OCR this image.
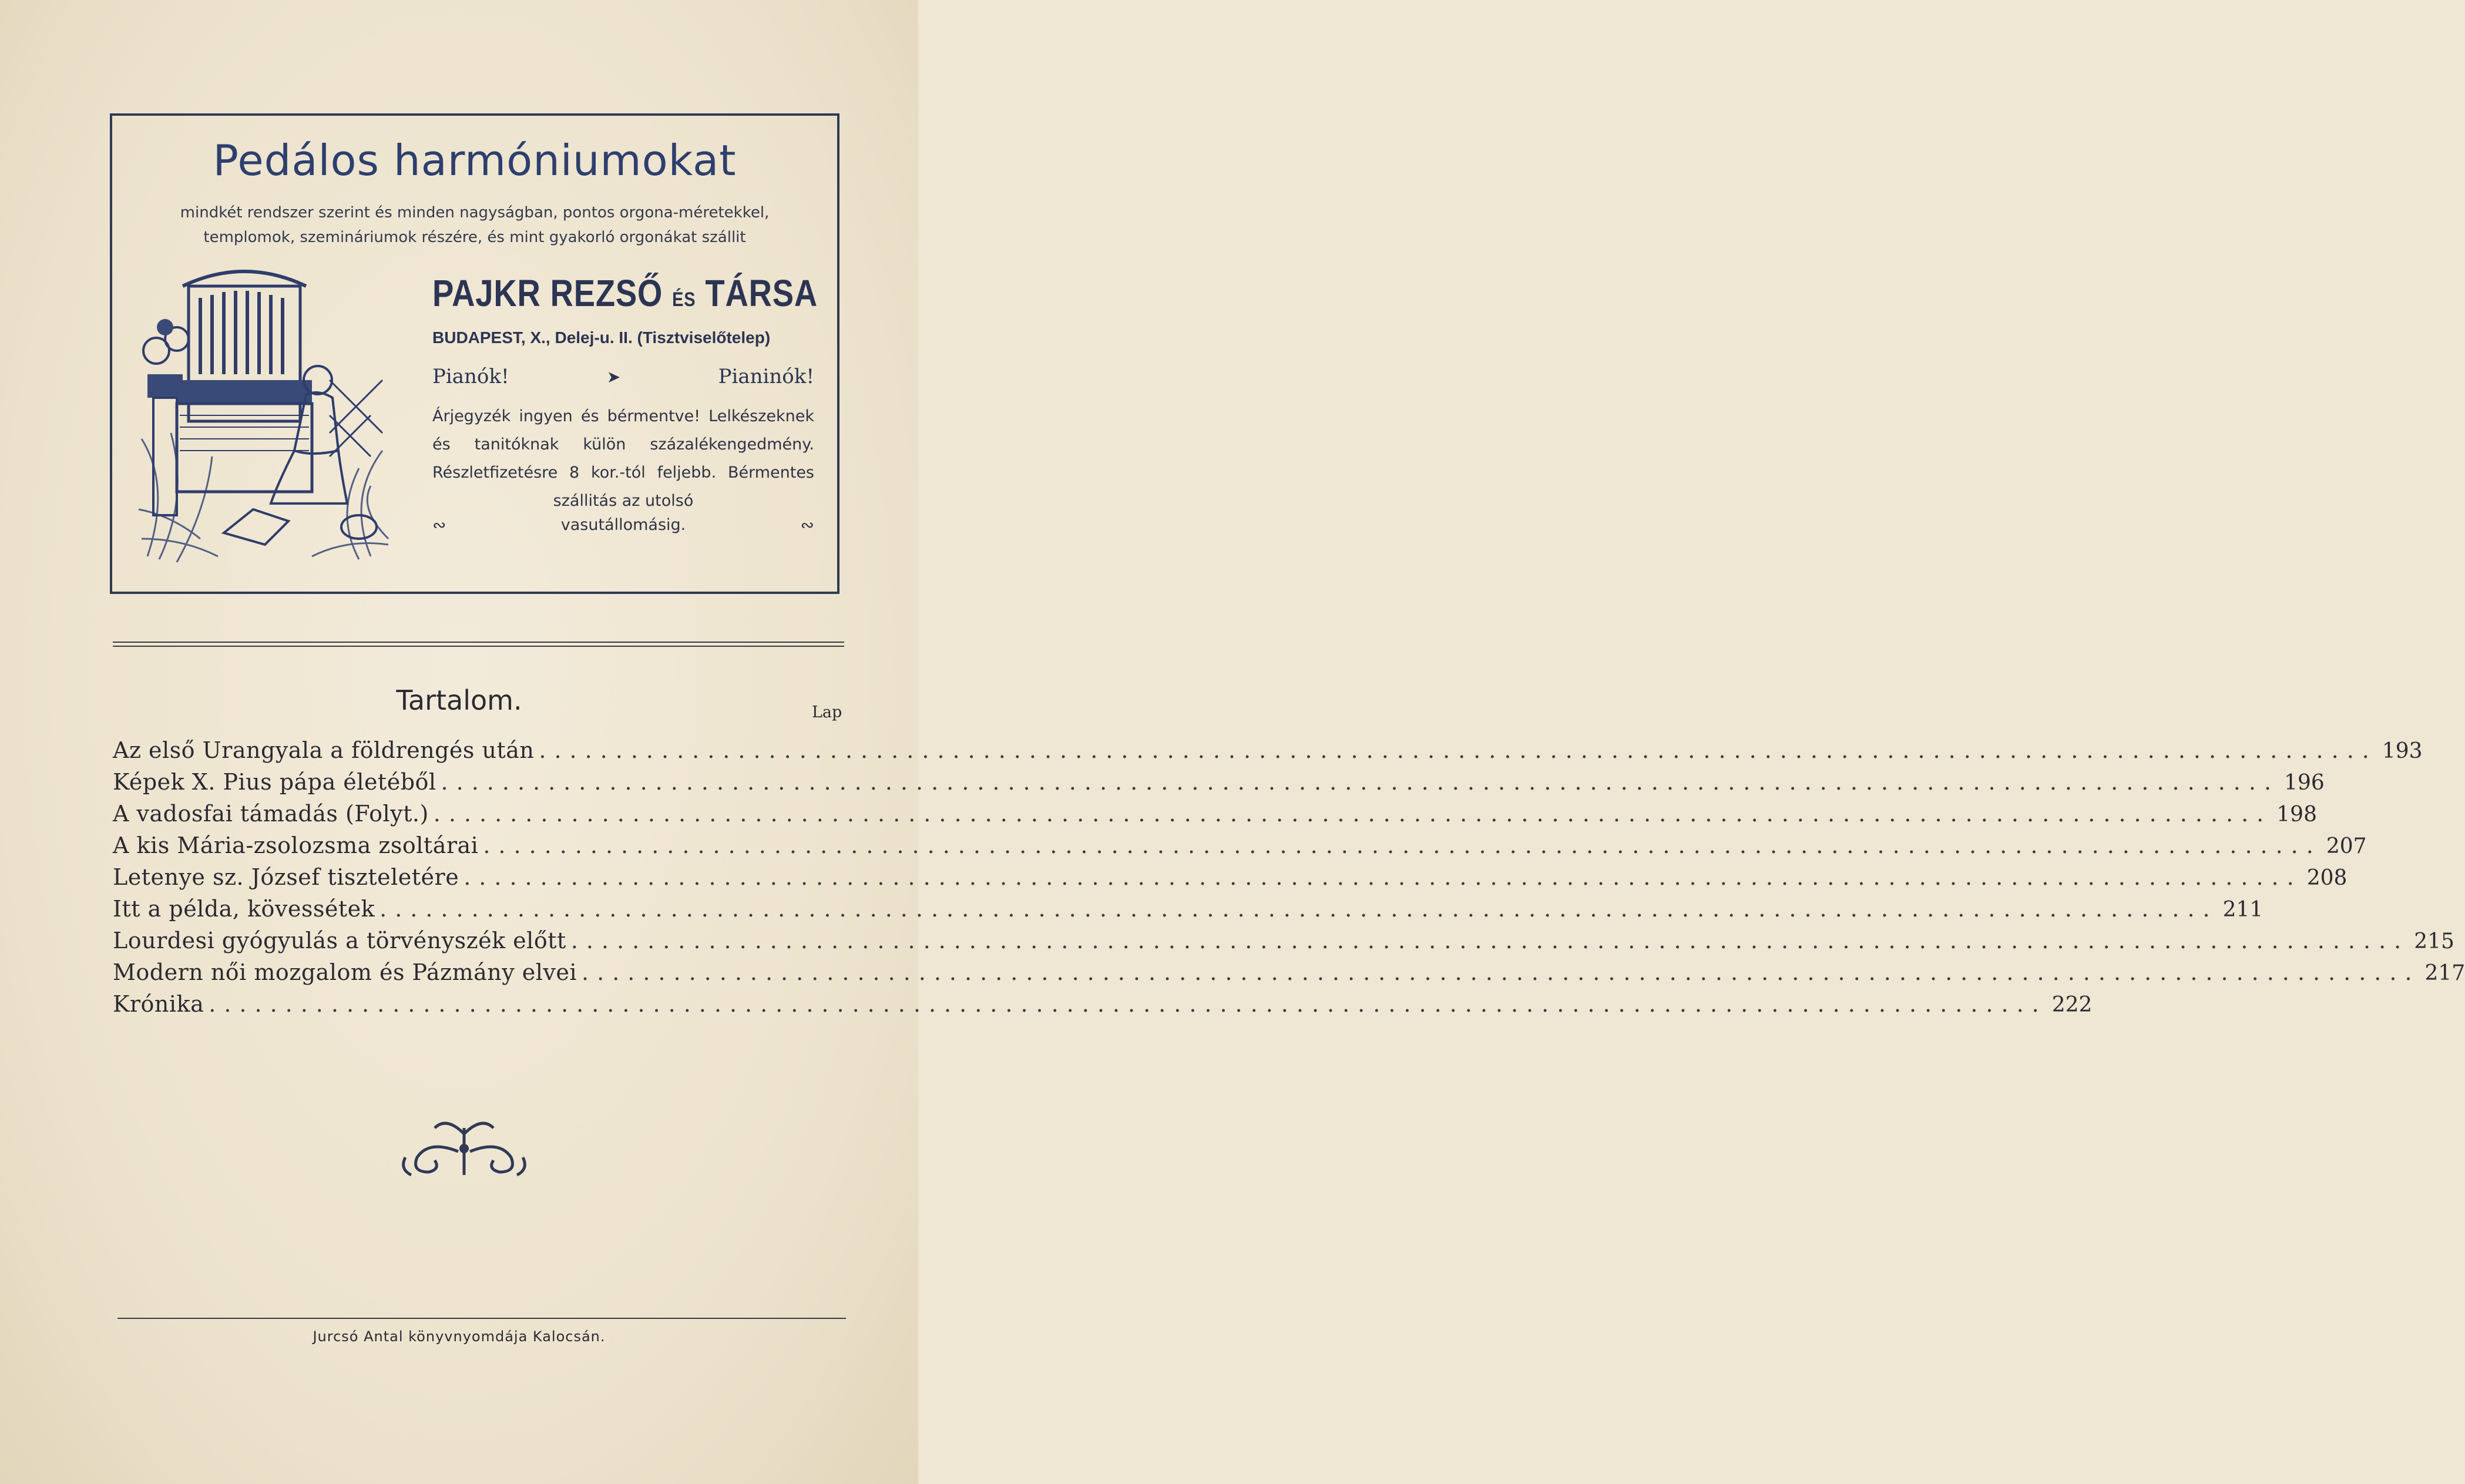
Pedálos harmóniumokat
mindkét rendszer szerint és minden nagyságban, pontos orgona-méretekkel,
templomok, szemináriumok részére, és mint gyakorló orgonákat szállit
PAJKR REZSŐ ÉS TÁRSA
BUDAPEST, X., Delej-u. II. (Tisztviselőtelep)
Pianók!	➤	Pianinók!
Árjegyzék ingyen és bérmentve! Lelkészeknek és tanitóknak külön százalékengedmény. Részletfizetésre 8 kor.-tól feljebb. Bérmentes szállitás az utolsó
∾	vasutállomásig.	∾
Tartalom.	Lap
Az első Urangyala a földrengés után ........................................................................................................................ 193
Képek X. Pius pápa életéből ........................................................................................................................ 196
A vadosfai támadás (Folyt.) ........................................................................................................................ 198
A kis Mária-zsolozsma zsoltárai ........................................................................................................................ 207
Letenye sz. József tiszteletére ........................................................................................................................ 208
Itt a példa, kövessétek ........................................................................................................................ 211
Lourdesi gyógyulás a törvényszék előtt ........................................................................................................................ 215
Modern női mozgalom és Pázmány elvei ........................................................................................................................ 217
Krónika ........................................................................................................................ 222
Jurcsó Antal könyvnyomdája Kalocsán.
